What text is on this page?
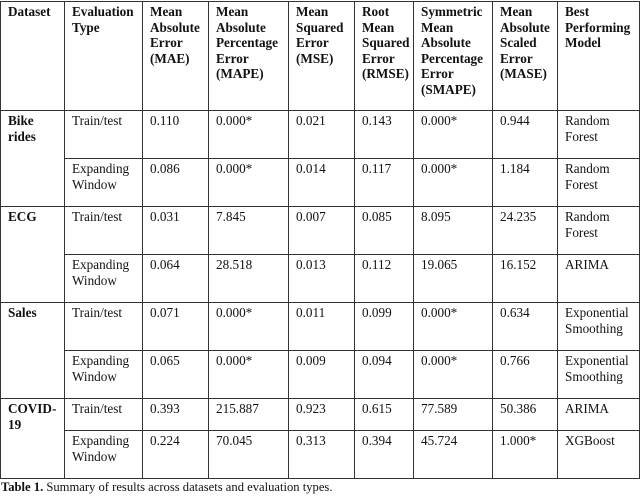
Dataset	Evaluation Type	Mean Absolute Error (MAE)	Mean Absolute Percentage Error (MAPE)	Mean Squared Error (MSE)	Root Mean Squared Error (RMSE)	Symmetric Mean Absolute Percentage Error (SMAPE)	Mean Absolute Scaled Error (MASE)	Best Performing Model
Bike rides	Train/test	0.110	0.000*	0.021	0.143	0.000*	0.944	Random Forest
	Expanding Window	0.086	0.000*	0.014	0.117	0.000*	1.184	Random Forest
ECG	Train/test	0.031	7.845	0.007	0.085	8.095	24.235	Random Forest
	Expanding Window	0.064	28.518	0.013	0.112	19.065	16.152	ARIMA
Sales	Train/test	0.071	0.000*	0.011	0.099	0.000*	0.634	Exponential Smoothing
	Expanding Window	0.065	0.000*	0.009	0.094	0.000*	0.766	Exponential Smoothing
COVID-19	Train/test	0.393	215.887	0.923	0.615	77.589	50.386	ARIMA
	Expanding Window	0.224	70.045	0.313	0.394	45.724	1.000*	XGBoost
Table 1. Summary of results across datasets and evaluation types.
